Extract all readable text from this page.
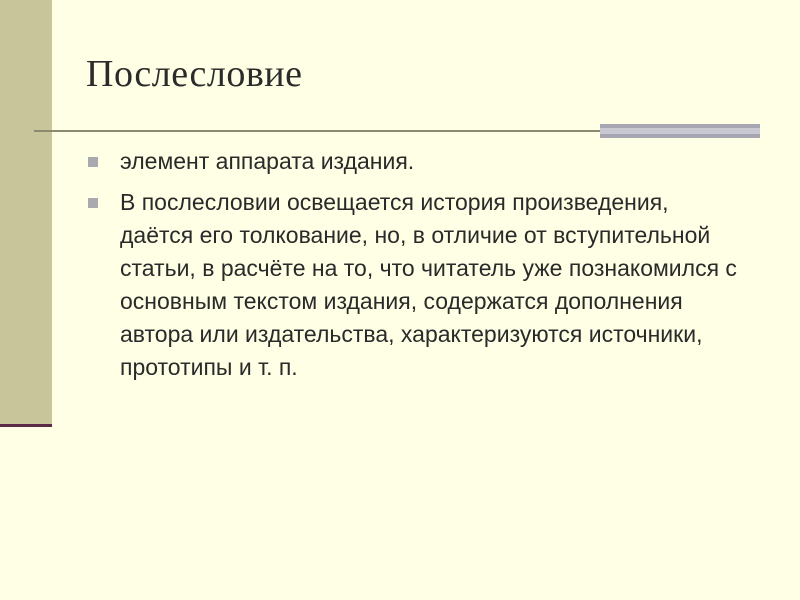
Послесловие
элемент аппарата издания.
В послесловии освещается история произведения, даётся его толкование, но, в отличие от вступительной статьи, в расчёте на то, что читатель уже познакомился с основным текстом издания, содержатся дополнения автора или издательства, характеризуются источники, прототипы и т. п.
